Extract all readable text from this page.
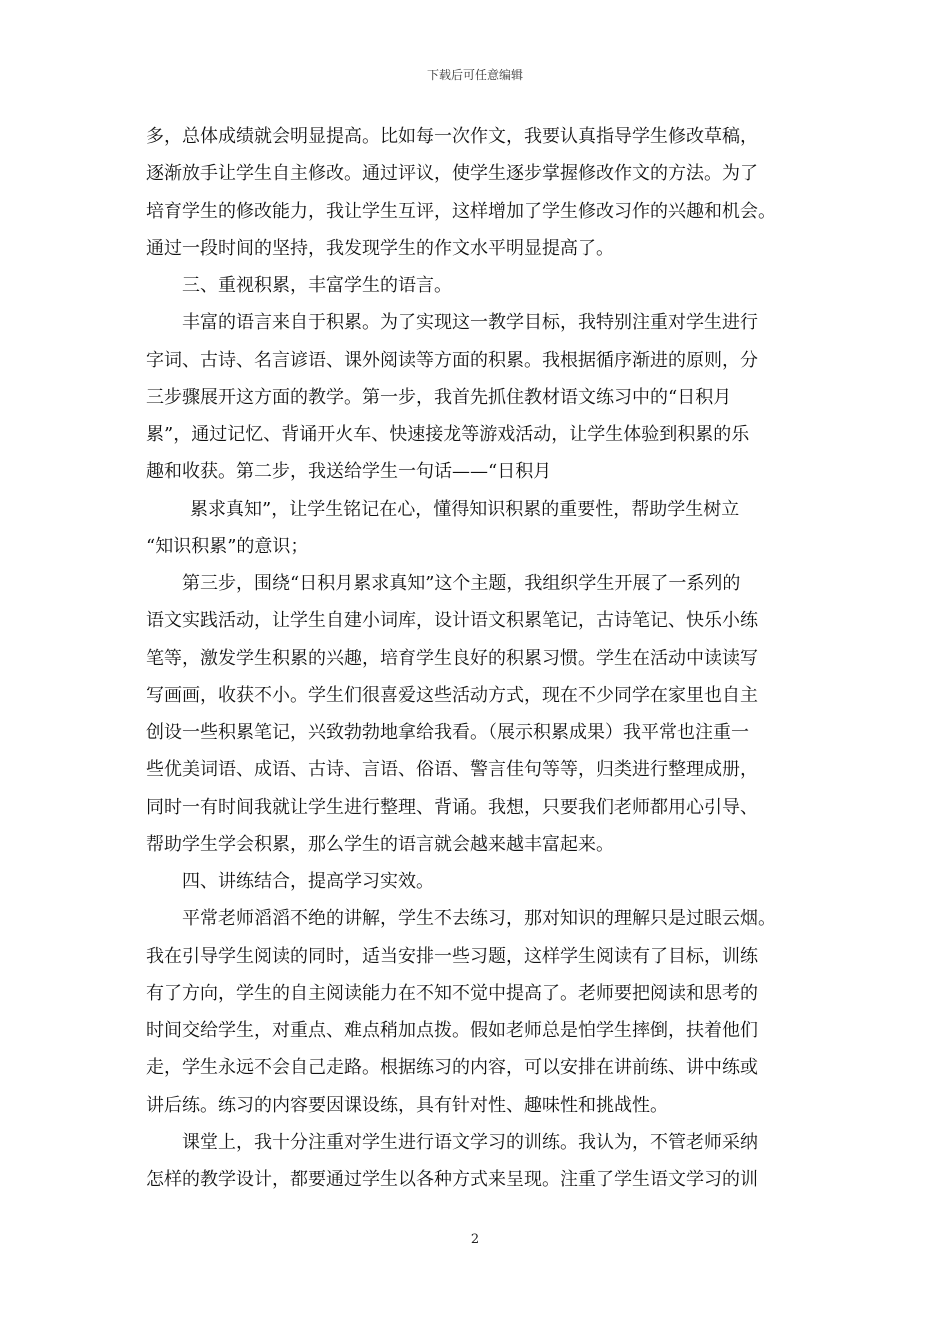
下载后可任意编辑
多，总体成绩就会明显提高。比如每一次作文，我要认真指导学生修改草稿，
逐渐放手让学生自主修改。通过评议，使学生逐步掌握修改作文的方法。为了
培育学生的修改能力，我让学生互评，这样增加了学生修改习作的兴趣和机会。
通过一段时间的坚持，我发现学生的作文水平明显提高了。
三、重视积累，丰富学生的语言。
丰富的语言来自于积累。为了实现这一教学目标，我特别注重对学生进行
字词、古诗、名言谚语、课外阅读等方面的积累。我根据循序渐进的原则，分
三步骤展开这方面的教学。第一步，我首先抓住教材语文练习中的“日积月
累”，通过记忆、背诵开火车、快速接龙等游戏活动，让学生体验到积累的乐
趣和收获。第二步，我送给学生一句话——“日积月
累求真知”，让学生铭记在心，懂得知识积累的重要性，帮助学生树立
“知识积累”的意识；
第三步，围绕“日积月累求真知”这个主题，我组织学生开展了一系列的
语文实践活动，让学生自建小词库，设计语文积累笔记，古诗笔记、快乐小练
笔等，激发学生积累的兴趣，培育学生良好的积累习惯。学生在活动中读读写
写画画，收获不小。学生们很喜爱这些活动方式，现在不少同学在家里也自主
创设一些积累笔记，兴致勃勃地拿给我看。（展示积累成果）我平常也注重一
些优美词语、成语、古诗、言语、俗语、警言佳句等等，归类进行整理成册，
同时一有时间我就让学生进行整理、背诵。我想，只要我们老师都用心引导、
帮助学生学会积累，那么学生的语言就会越来越丰富起来。
四、讲练结合，提高学习实效。
平常老师滔滔不绝的讲解，学生不去练习，那对知识的理解只是过眼云烟。
我在引导学生阅读的同时，适当安排一些习题，这样学生阅读有了目标，训练
有了方向，学生的自主阅读能力在不知不觉中提高了。老师要把阅读和思考的
时间交给学生，对重点、难点稍加点拨。假如老师总是怕学生摔倒，扶着他们
走，学生永远不会自己走路。根据练习的内容，可以安排在讲前练、讲中练或
讲后练。练习的内容要因课设练，具有针对性、趣味性和挑战性。
课堂上，我十分注重对学生进行语文学习的训练。我认为，不管老师采纳
怎样的教学设计，都要通过学生以各种方式来呈现。注重了学生语文学习的训
2
